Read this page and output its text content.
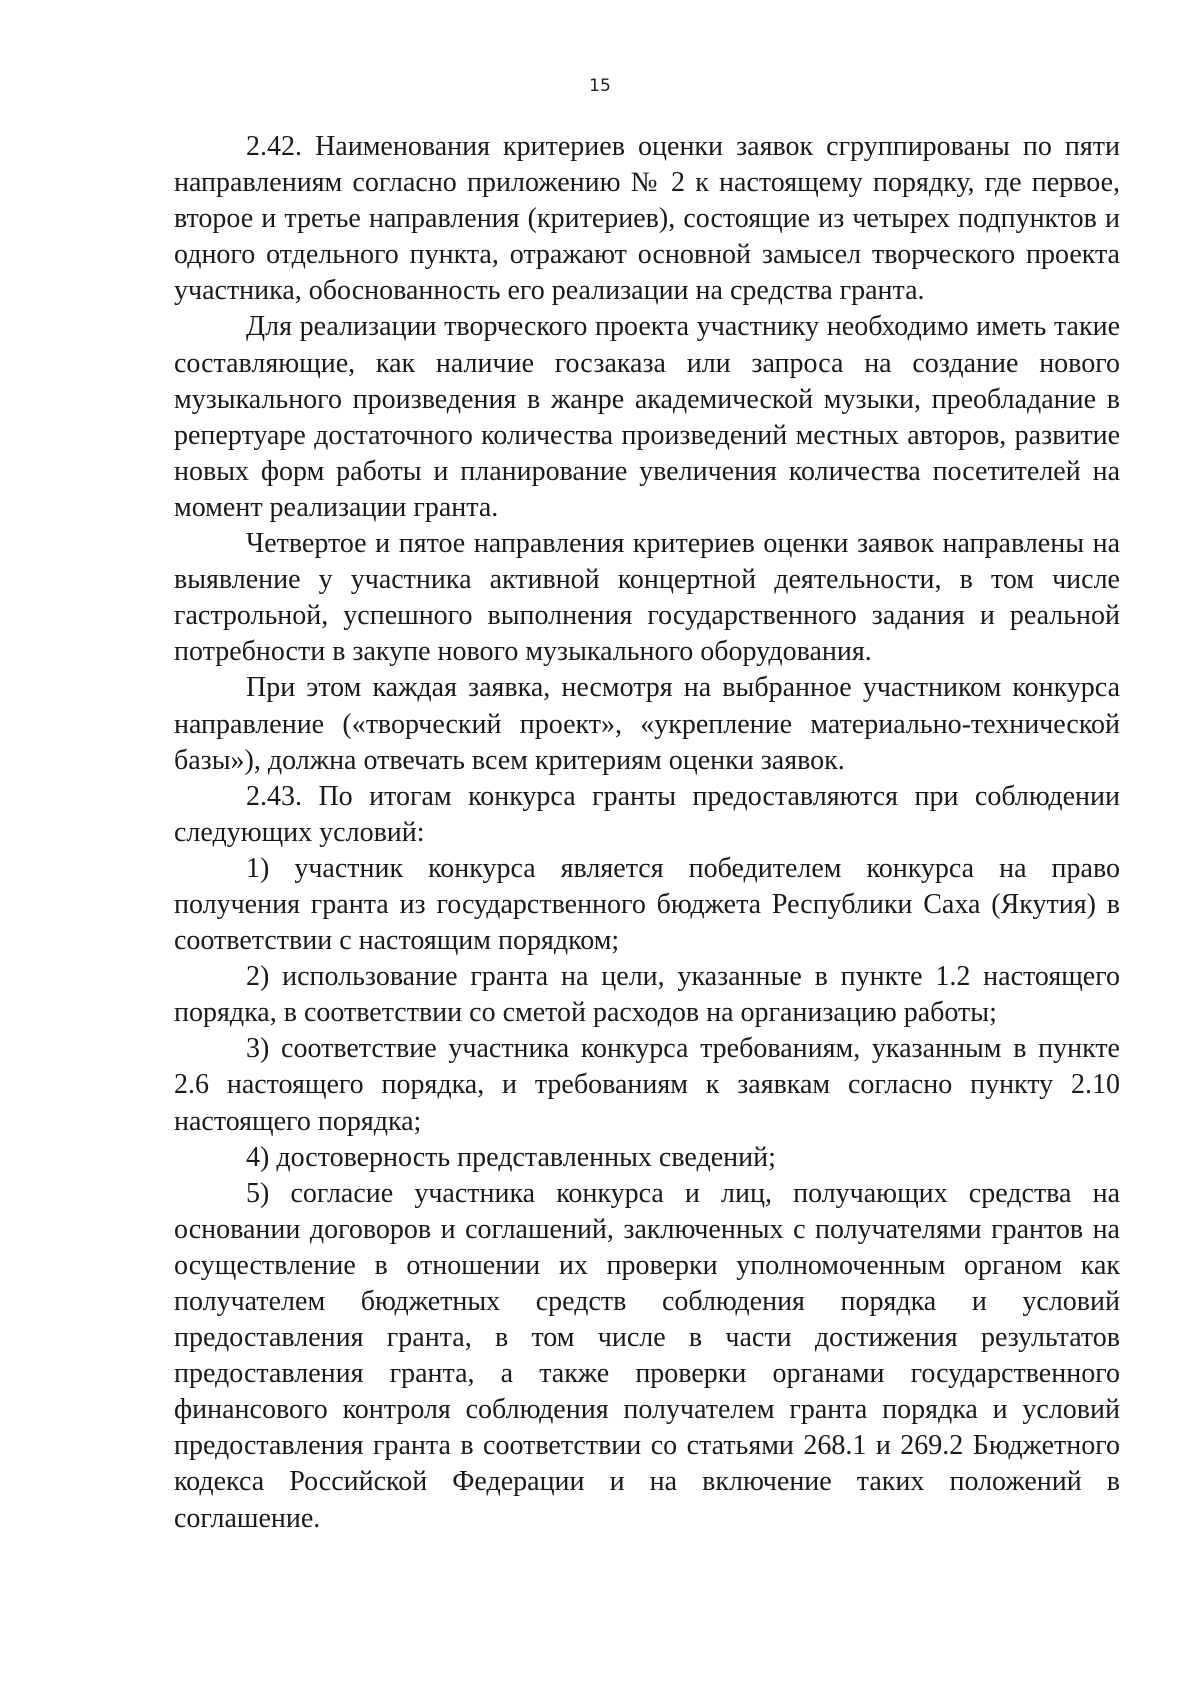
15

2.42. Наименования критериев оценки заявок сгруппированы по пяти направлениям согласно приложению № 2 к настоящему порядку, где первое, второе и третье направления (критериев), состоящие из четырех подпунктов и одного отдельного пункта, отражают основной замысел творческого проекта участника, обоснованность его реализации на средства гранта.

Для реализации творческого проекта участнику необходимо иметь такие составляющие, как наличие госзаказа или запроса на создание нового музыкального произведения в жанре академической музыки, преобладание в репертуаре достаточного количества произведений местных авторов, развитие новых форм работы и планирование увеличения количества посетителей на момент реализации гранта.

Четвертое и пятое направления критериев оценки заявок направлены на выявление у участника активной концертной деятельности, в том числе гастрольной, успешного выполнения государственного задания и реальной потребности в закупе нового музыкального оборудования.

При этом каждая заявка, несмотря на выбранное участником конкурса направление («творческий проект», «укрепление материально-технической базы»), должна отвечать всем критериям оценки заявок.

2.43. По итогам конкурса гранты предоставляются при соблюдении следующих условий:

1) участник конкурса является победителем конкурса на право получения гранта из государственного бюджета Республики Саха (Якутия) в соответствии с настоящим порядком;

2) использование гранта на цели, указанные в пункте 1.2 настоящего порядка, в соответствии со сметой расходов на организацию работы;

3) соответствие участника конкурса требованиям, указанным в пункте 2.6 настоящего порядка, и требованиям к заявкам согласно пункту 2.10 настоящего порядка;

4) достоверность представленных сведений;

5) согласие участника конкурса и лиц, получающих средства на основании договоров и соглашений, заключенных с получателями грантов на осуществление в отношении их проверки уполномоченным органом как получателем бюджетных средств соблюдения порядка и условий предоставления гранта, в том числе в части достижения результатов предоставления гранта, а также проверки органами государственного финансового контроля соблюдения получателем гранта порядка и условий предоставления гранта в соответствии со статьями 268.1 и 269.2 Бюджетного кодекса Российской Федерации и на включение таких положений в соглашение.
